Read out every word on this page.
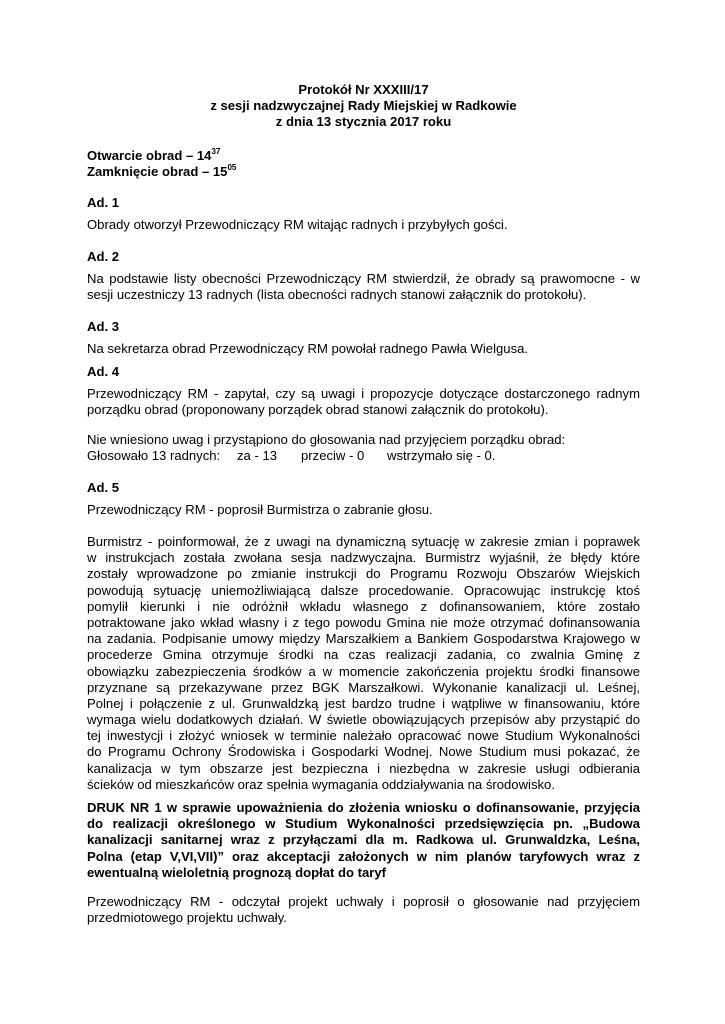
Protokół Nr XXXIII/17
z sesji nadzwyczajnej Rady Miejskiej w Radkowie
z dnia 13 stycznia 2017 roku
Otwarcie obrad – $14^{37}$
Zamknięcie obrad – $15^{05}$
Ad. 1
Obrady otworzył Przewodniczący RM witając radnych i przybyłych gości.
Ad. 2
Na podstawie listy obecności Przewodniczący RM stwierdził, że obrady są prawomocne - w
sesji uczestniczy 13 radnych (lista obecności radnych stanowi załącznik do protokołu).
Ad. 3
Na sekretarza obrad Przewodniczący RM powołał radnego Pawła Wielgusa.
Ad. 4
Przewodniczący RM - zapytał, czy są uwagi i propozycje dotyczące dostarczonego radnym
porządku obrad (proponowany porządek obrad stanowi załącznik do protokołu).
Nie wniesiono uwag i przystąpiono do głosowania nad przyjęciem porządku obrad:
Głosowało 13 radnych: za - 13 przeciw - 0 wstrzymało się - 0.
Ad. 5
Przewodniczący RM - poprosił Burmistrza o zabranie głosu.
Burmistrz - poinformował, że z uwagi na dynamiczną sytuację w zakresie zmian i poprawek
w instrukcjach została zwołana sesja nadzwyczajna. Burmistrz wyjaśnił, że błędy które
zostały wprowadzone po zmianie instrukcji do Programu Rozwoju Obszarów Wiejskich
powodują sytuację uniemożliwiającą dalsze procedowanie. Opracowując instrukcję ktoś
pomylił kierunki i nie odróżnił wkładu własnego z dofinansowaniem, które zostało
potraktowane jako wkład własny i z tego powodu Gmina nie może otrzymać dofinansowania
na zadania. Podpisanie umowy między Marszałkiem a Bankiem Gospodarstwa Krajowego w
procederze Gmina otrzymuje środki na czas realizacji zadania, co zwalnia Gminę z
obowiązku zabezpieczenia środków a w momencie zakończenia projektu środki finansowe
przyznane są przekazywane przez BGK Marszałkowi. Wykonanie kanalizacji ul. Leśnej,
Polnej i połączenie z ul. Grunwaldzką jest bardzo trudne i wątpliwe w finansowaniu, które
wymaga wielu dodatkowych działań. W świetle obowiązujących przepisów aby przystąpić do
tej inwestycji i złożyć wniosek w terminie należało opracować nowe Studium Wykonalności
do Programu Ochrony Środowiska i Gospodarki Wodnej. Nowe Studium musi pokazać, że
kanalizacja w tym obszarze jest bezpieczna i niezbędna w zakresie usługi odbierania
ścieków od mieszkańców oraz spełnia wymagania oddziaływania na środowisko.
DRUK NR 1 w sprawie upoważnienia do złożenia wniosku o dofinansowanie, przyjęcia
do realizacji określonego w Studium Wykonalności przedsięwzięcia pn. „Budowa
kanalizacji sanitarnej wraz z przyłączami dla m. Radkowa ul. Grunwaldzka, Leśna,
Polna (etap V,VI,VII)” oraz akceptacji założonych w nim planów taryfowych wraz z
ewentualną wieloletnią prognozą dopłat do taryf
Przewodniczący RM - odczytał projekt uchwały i poprosił o głosowanie nad przyjęciem
przedmiotowego projektu uchwały.
